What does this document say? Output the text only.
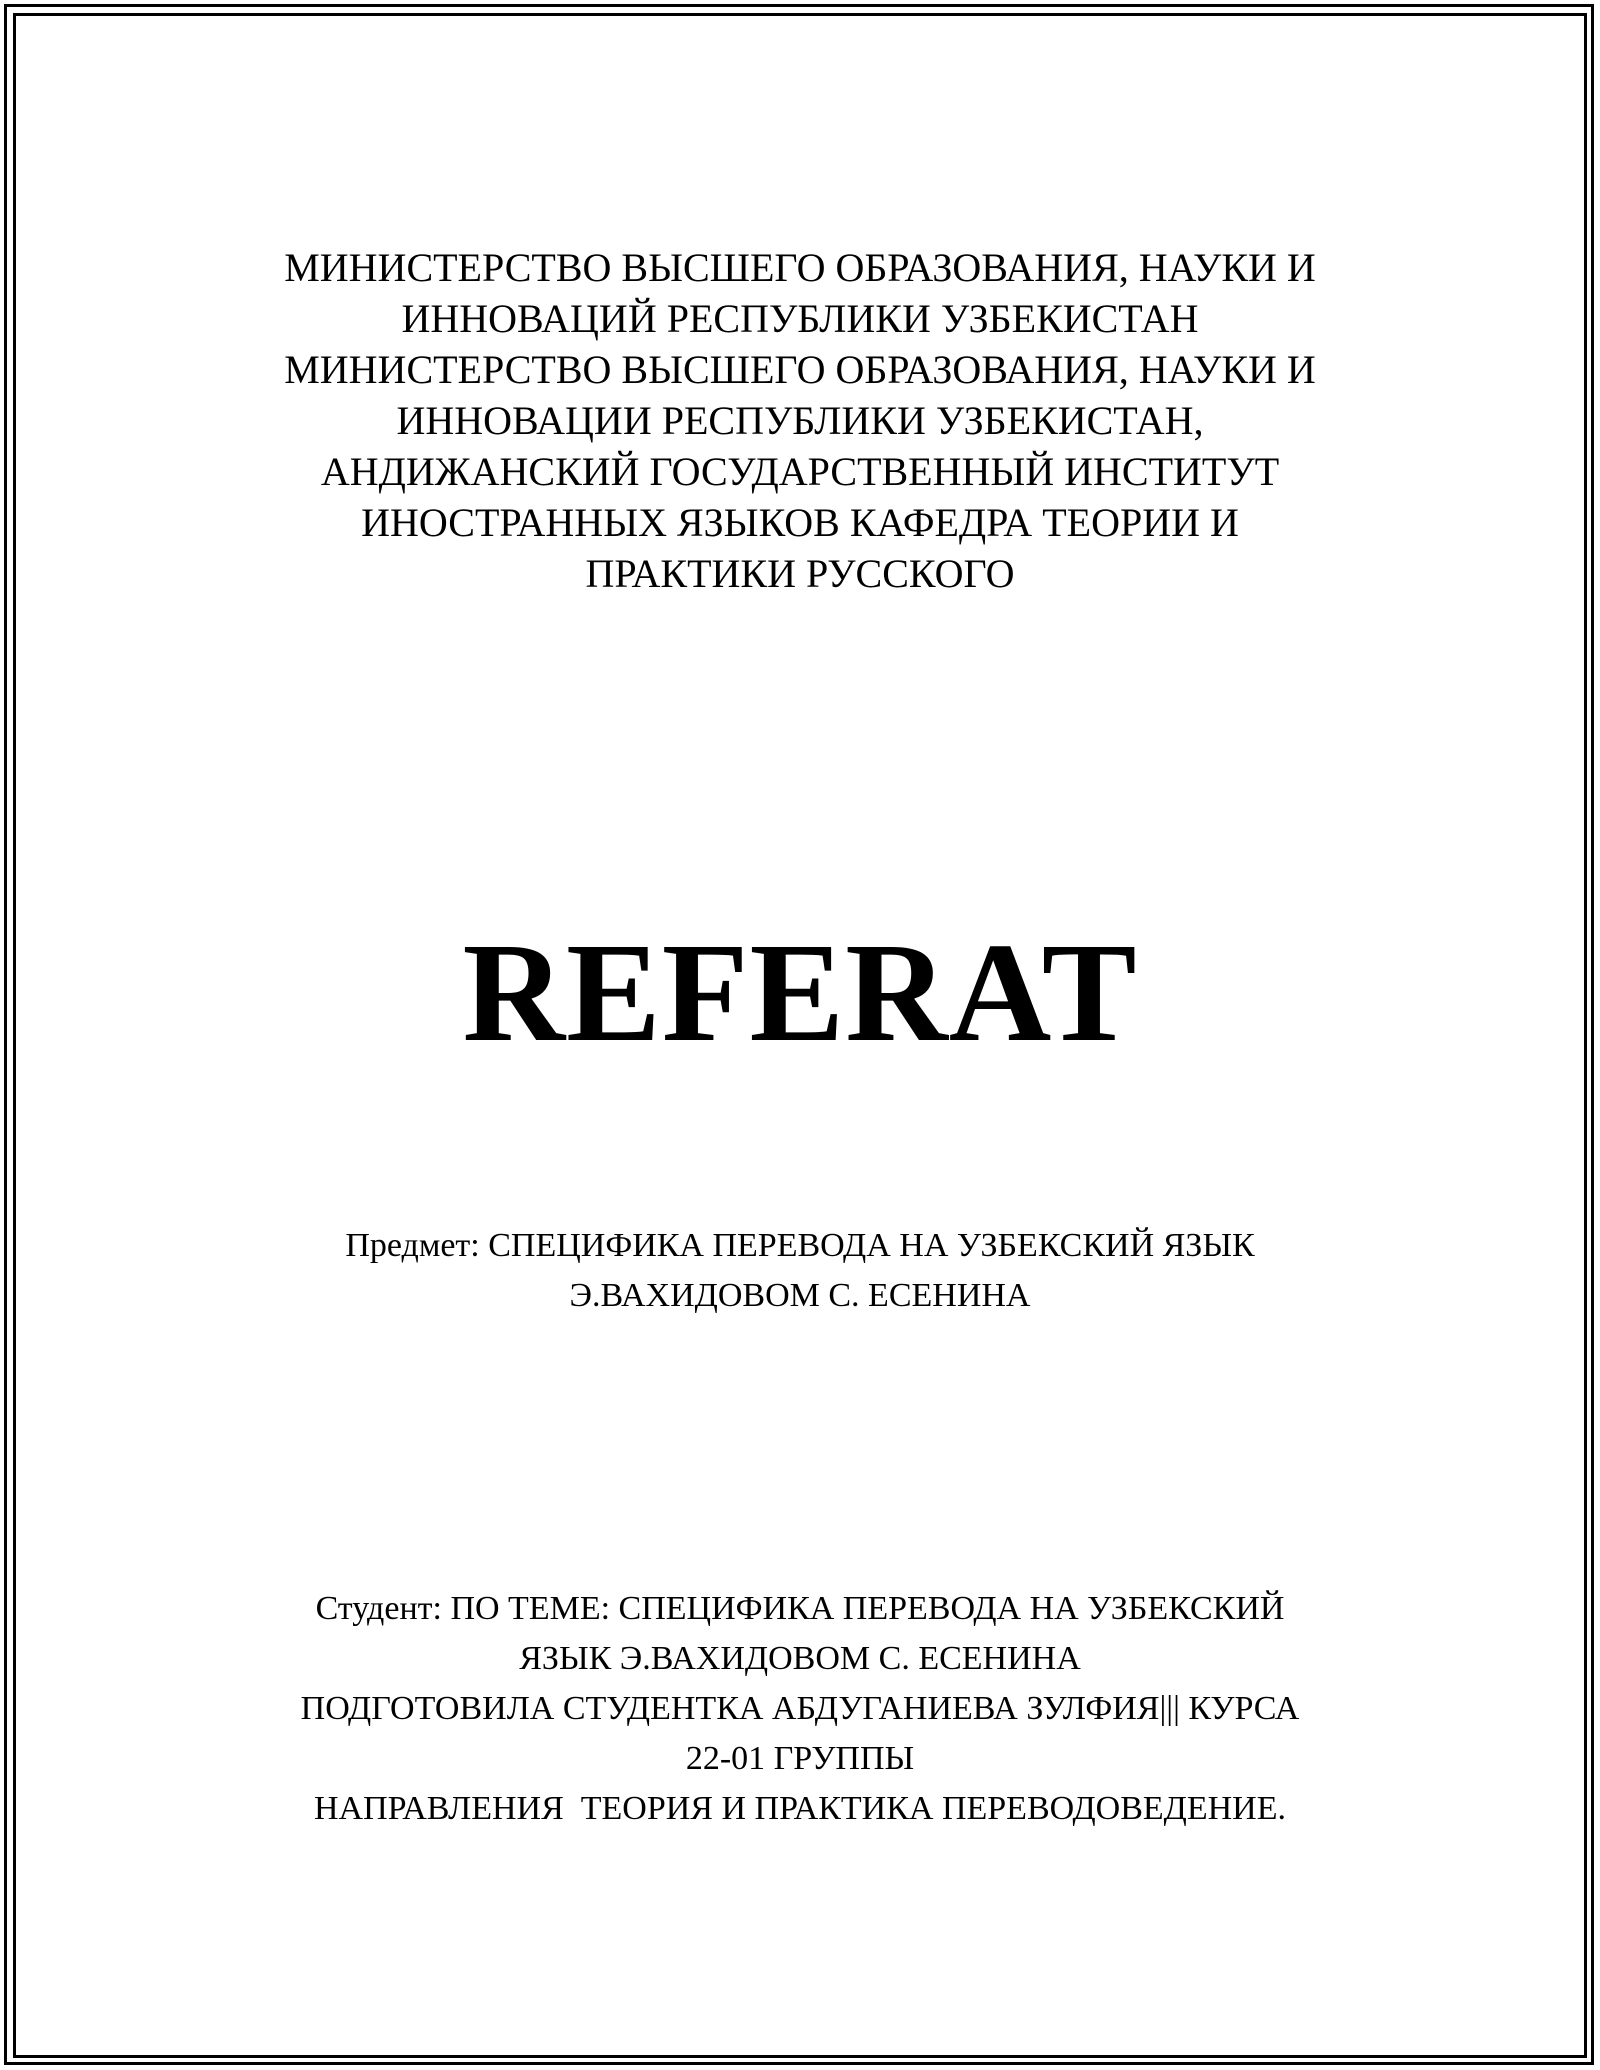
МИНИСТЕРСТВО ВЫСШЕГО ОБРАЗОВАНИЯ, НАУКИ И
ИННОВАЦИЙ РЕСПУБЛИКИ УЗБЕКИСТАН
МИНИСТЕРСТВО ВЫСШЕГО ОБРАЗОВАНИЯ, НАУКИ И
ИННОВАЦИИ РЕСПУБЛИКИ УЗБЕКИСТАН,
АНДИЖАНСКИЙ ГОСУДАРСТВЕННЫЙ ИНСТИТУТ
ИНОСТРАННЫХ ЯЗЫКОВ КАФЕДРА ТЕОРИИ И
ПРАКТИКИ РУССКОГО
REFERAT
Предмет: СПЕЦИФИКА ПЕРЕВОДА НА УЗБЕКСКИЙ ЯЗЫК
Э.ВАХИДОВОМ С. ЕСЕНИНА
Студент: ПО ТЕМЕ: СПЕЦИФИКА ПЕРЕВОДА НА УЗБЕКСКИЙ
ЯЗЫК Э.ВАХИДОВОМ С. ЕСЕНИНА
ПОДГОТОВИЛА СТУДЕНТКА АБДУГАНИЕВА ЗУЛФИЯ||| КУРСА
22-01 ГРУППЫ
НАПРАВЛЕНИЯ  ТЕОРИЯ И ПРАКТИКА ПЕРЕВОДОВЕДЕНИЕ.
